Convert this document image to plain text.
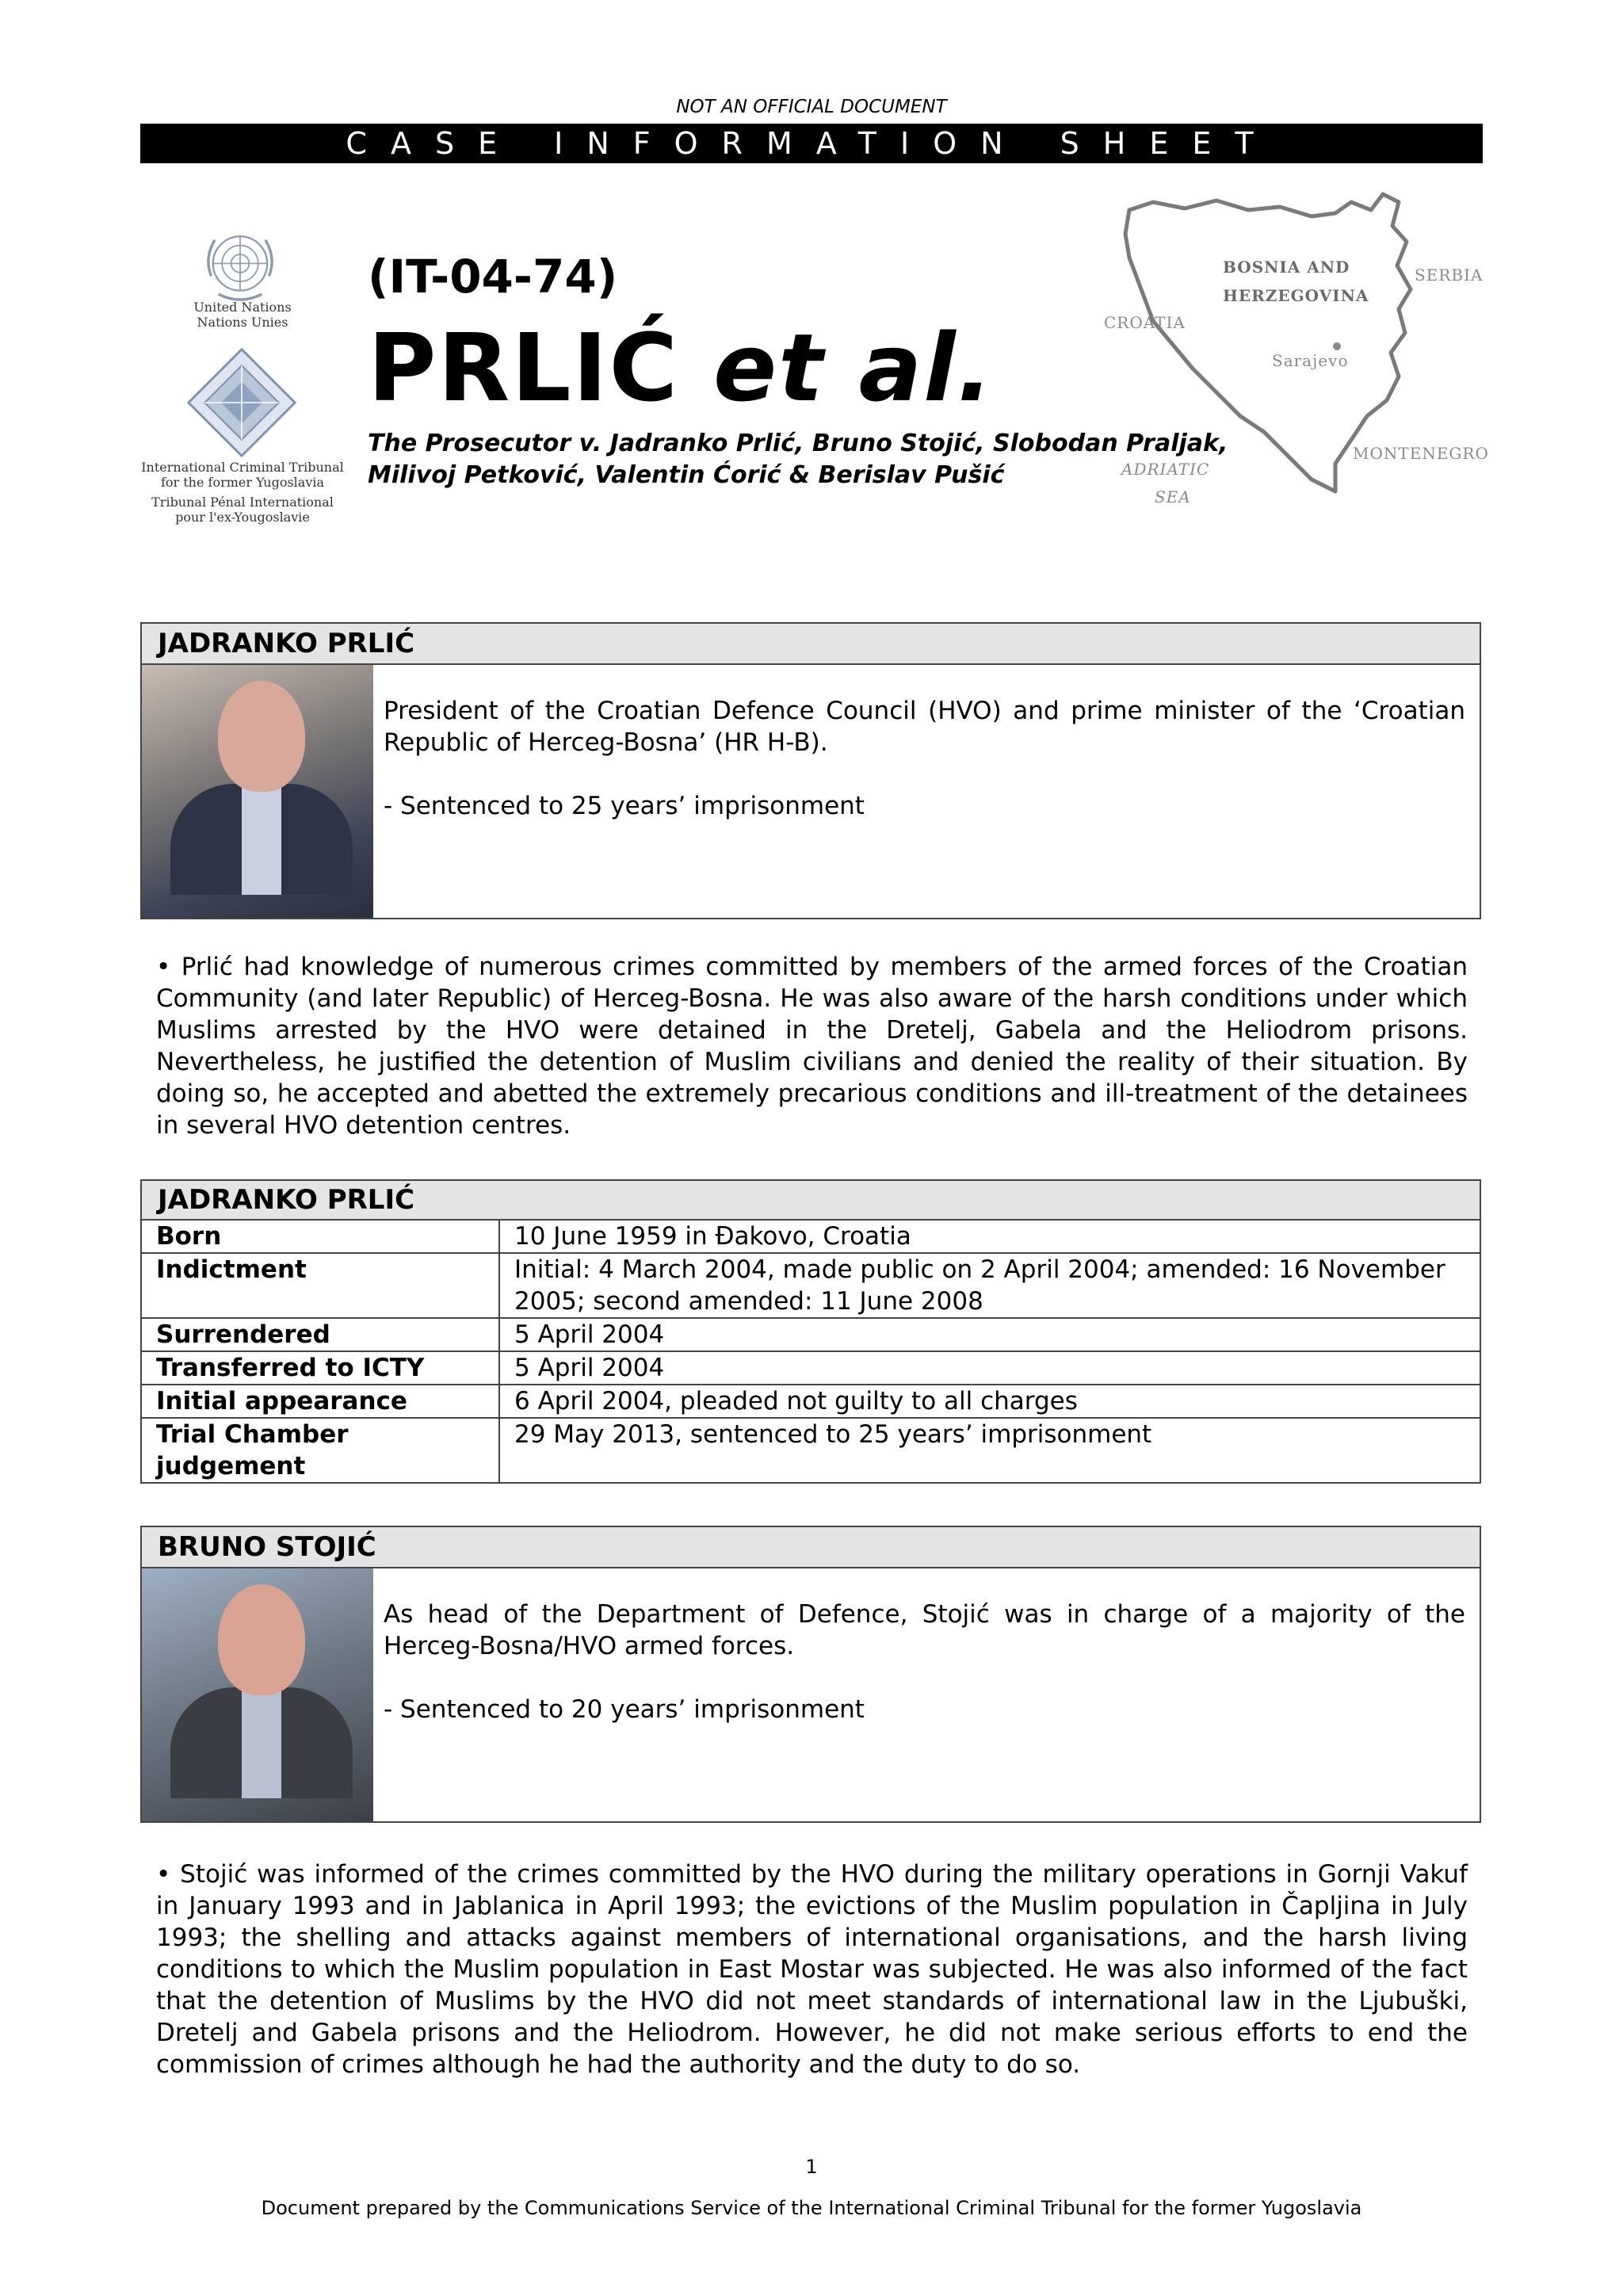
NOT AN OFFICIAL DOCUMENT
CASE INFORMATION SHEET
United Nations
Nations Unies
International Criminal Tribunal
for the former Yugoslavia
Tribunal Pénal International
pour l'ex-Yougoslavie
(IT-04-74)
PRLIĆ et al.
The Prosecutor v. Jadranko Prlić, Bruno Stojić, Slobodan Praljak,
Milivoj Petković, Valentin Ćorić & Berislav Pušić
BOSNIA AND
HERZEGOVINA
SERBIA
CROATIA
Sarajevo
MONTENEGRO
ADRIATIC
SEA
JADRANKO PRLIĆ

President of the Croatian Defence Council (HVO) and prime minister of the ‘Croatian Republic of Herceg-Bosna’ (HR H-B).

- Sentenced to 25 years’ imprisonment

• Prlić had knowledge of numerous crimes committed by members of the armed forces of the Croatian Community (and later Republic) of Herceg-Bosna. He was also aware of the harsh conditions under which Muslims arrested by the HVO were detained in the Dretelj, Gabela and the Heliodrom prisons. Nevertheless, he justified the detention of Muslim civilians and denied the reality of their situation. By doing so, he accepted and abetted the extremely precarious conditions and ill-treatment of the detainees in several HVO detention centres.
JADRANKO PRLIĆ	
Born	10 June 1959 in Đakovo, Croatia
Indictment	Initial: 4 March 2004, made public on 2 April 2004; amended: 16 November 2005; second amended: 11 June 2008
Surrendered	5 April 2004
Transferred to ICTY	5 April 2004
Initial appearance	6 April 2004, pleaded not guilty to all charges
Trial Chamber judgement	29 May 2013, sentenced to 25 years’ imprisonment
BRUNO STOJIĆ

As head of the Department of Defence, Stojić was in charge of a majority of the Herceg-Bosna/HVO armed forces.

- Sentenced to 20 years’ imprisonment

• Stojić was informed of the crimes committed by the HVO during the military operations in Gornji Vakuf in January 1993 and in Jablanica in April 1993; the evictions of the Muslim population in Čapljina in July 1993; the shelling and attacks against members of international organisations, and the harsh living conditions to which the Muslim population in East Mostar was subjected. He was also informed of the fact that the detention of Muslims by the HVO did not meet standards of international law in the Ljubuški, Dretelj and Gabela prisons and the Heliodrom. However, he did not make serious efforts to end the commission of crimes although he had the authority and the duty to do so.
1
Document prepared by the Communications Service of the International Criminal Tribunal for the former Yugoslavia
